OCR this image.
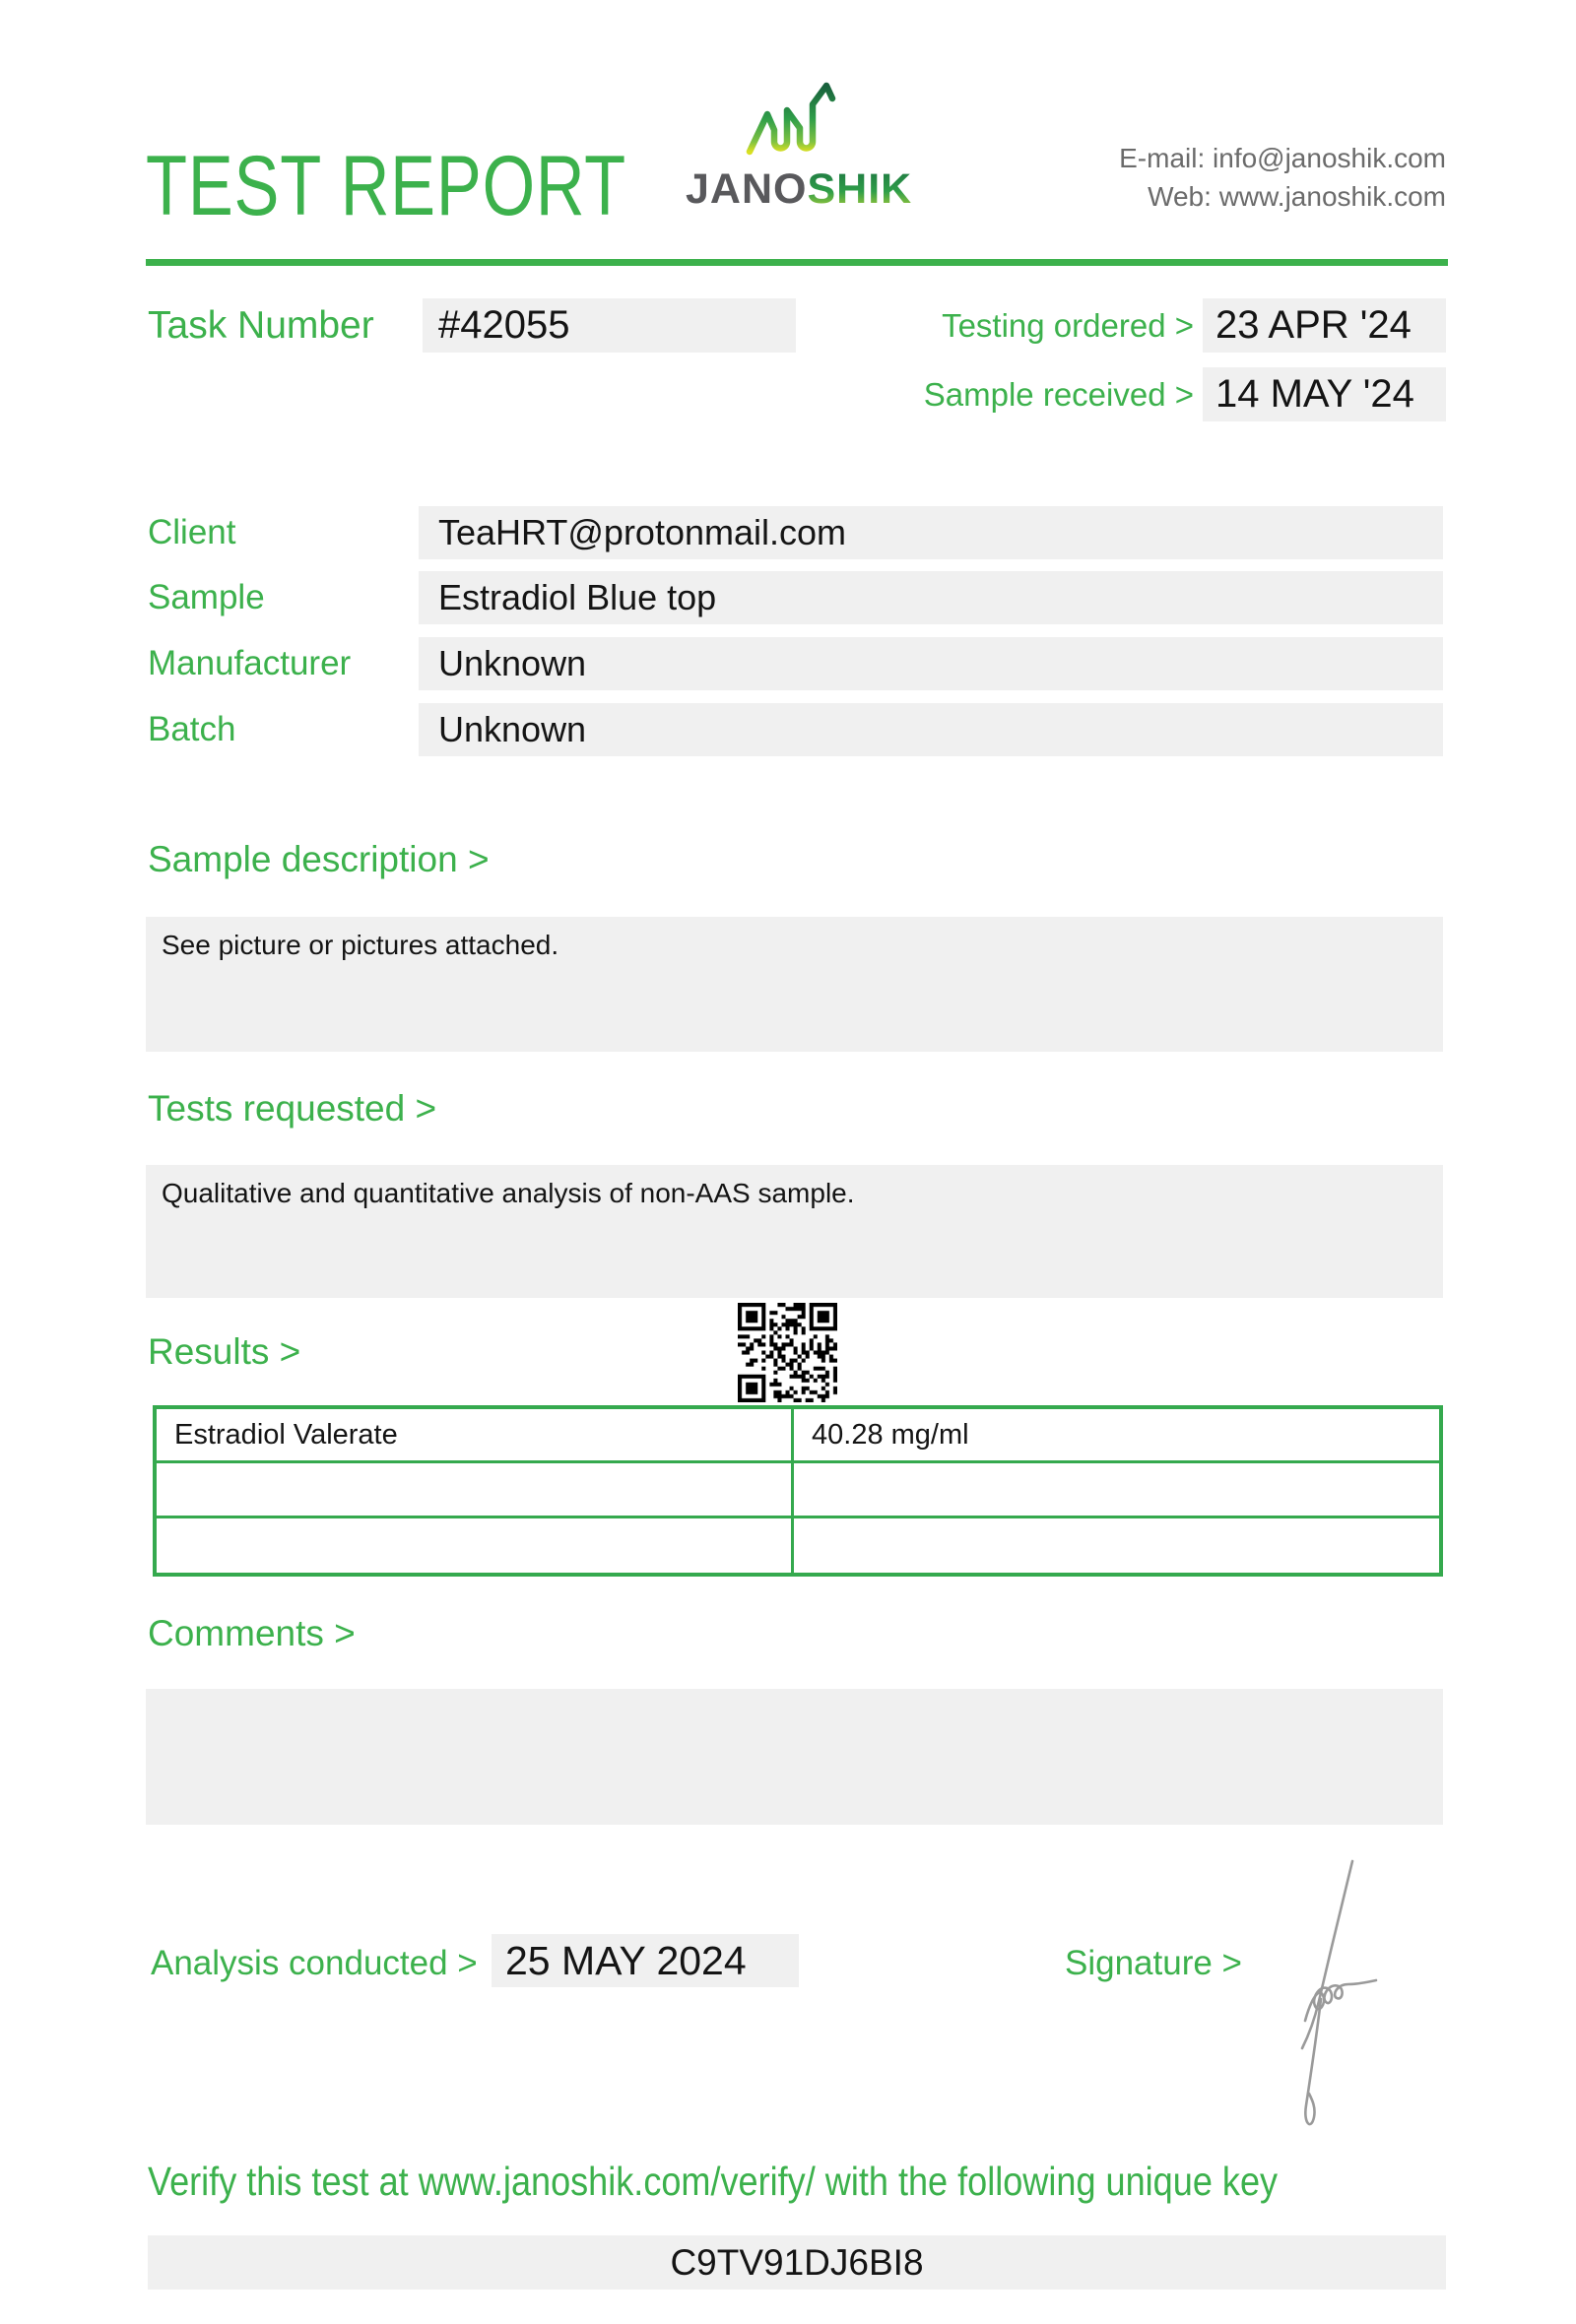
TEST REPORT JANOSHIK
E-mail: info@janoshik.com
Web: www.janoshik.com
Task Number	#42055	Testing ordered > 23 APR '24
Sample received > 14 MAY '24
Client	TeaHRT@protonmail.com
Sample	Estradiol Blue top
Manufacturer	Unknown
Batch	Unknown
Sample description >
See picture or pictures attached.
Tests requested >
Qualitative and quantitative analysis of non-AAS sample.
Results >
Estradiol Valerate	40.28 mg/ml
Comments >
Analysis conducted > 25 MAY 2024	Signature >
Verify this test at www.janoshik.com/verify/ with the following unique key
C9TV91DJ6BI8
